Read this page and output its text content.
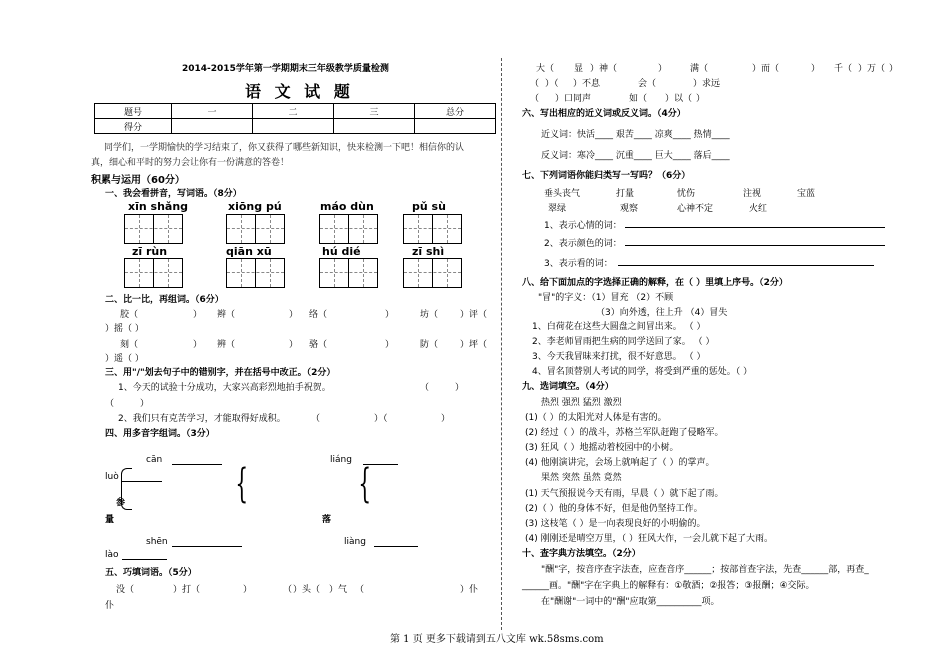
2014-2015学年第一学期期末三年级教学质量检测
语 文 试 题
题号	一	二	三	总分
得分				
同学们，一学期愉快的学习结束了，你又获得了哪些新知识，快来检测一下吧！相信你的认
真，细心和平时的努力会让你有一份满意的答卷！
积累与运用（60分）
一、我会看拼音，写词语。（8分）
xīn shǎng	xiōng pú	máo dùn	pǔ sù
zī rùn	qiān xū	hú dié	zī shì
二、比一比，再组词。（6分）
胶（	） 辫（	） 络（	）	坊（ ）评（
）摇（ ）
刻（	） 辨（	） 骆（	）	防（ ）坪（
）遥（ ）
三、用"/"划去句子中的错别字，并在括号中改正。（2分）
1、今天的试验十分成功，大家兴高彩烈地拍手祝贺。	（	）
（	）
2、我们只有克苦学习，才能取得好成积。	（	）（	）
四、用多音字组词。（3分）
cān
luò
参
量
{
liáng
{
落
shēn	liàng
lào
五、巧填词语。（5分）
没（	）打（	）	（ ）头（ ）气 （	）仆
仆
大（ 显 ）神（	）	满（	）而（	） 千（ ）万（ ）
（ ）（ ）不息	会（	）求远
（ ）口同声	如（ ）以（ ）
六、写出相应的近义词或反义词。（4分）
近义词：快活____ 艰苦____ 凉爽____ 热情____
反义词：寒冷____ 沉重____ 巨大____ 落后____
七、下列词语你能归类写一写吗？（6分）
垂头丧气	打量	忧伤	注视	宝蓝
翠绿	观察	心神不定	火红
1、表示心情的词：
2、表示颜色的词：
3、表示看的词：
八、给下面加点的字选择正确的解释，在（ ）里填上序号。（2分）
"冒"的字义：（1）冒充 （2）不顾
（3）向外透，往上升 （4）冒失
1、白荷花在这些大圆盘之间冒出来。 （ ）
2、李老师冒雨把生病的同学送回了家。 （ ）
3、今天我冒昧来打扰，很不好意思。 （ ）
4、冒名顶替别人考试的同学，将受到严重的惩处。（ ）
九、选词填空。（4分）
热烈 强烈 猛烈 激烈
(1)（ ）的太阳光对人体是有害的。
(2) 经过（ ）的战斗，苏格兰军队赶跑了侵略军。
(3) 狂风（ ）地摇动着校园中的小树。
(4) 他刚演讲完，会场上就响起了（ ）的掌声。
果然 突然 虽然 竟然
(1) 天气预报说今天有雨，早晨（ ）就下起了雨。
(2)（ ）他的身体不好，但是他仍坚持工作。
(3) 这枝笔（ ）是一向表现良好的小明偷的。
(4) 刚刚还是晴空万里，（ ）狂风大作，一会儿就下起了大雨。
十、查字典方法填空。（2分）
"酬"字，按音序查字法查，应查音序______；按部首查字法，先查______部，再查_
______画。"酬"字在字典上的解释有：①敬酒；②报答；③报酬；④交际。
在"酬谢"一词中的"酬"应取第__________项。
第 1 页 更多下载请到五八文库 wk.58sms.com
